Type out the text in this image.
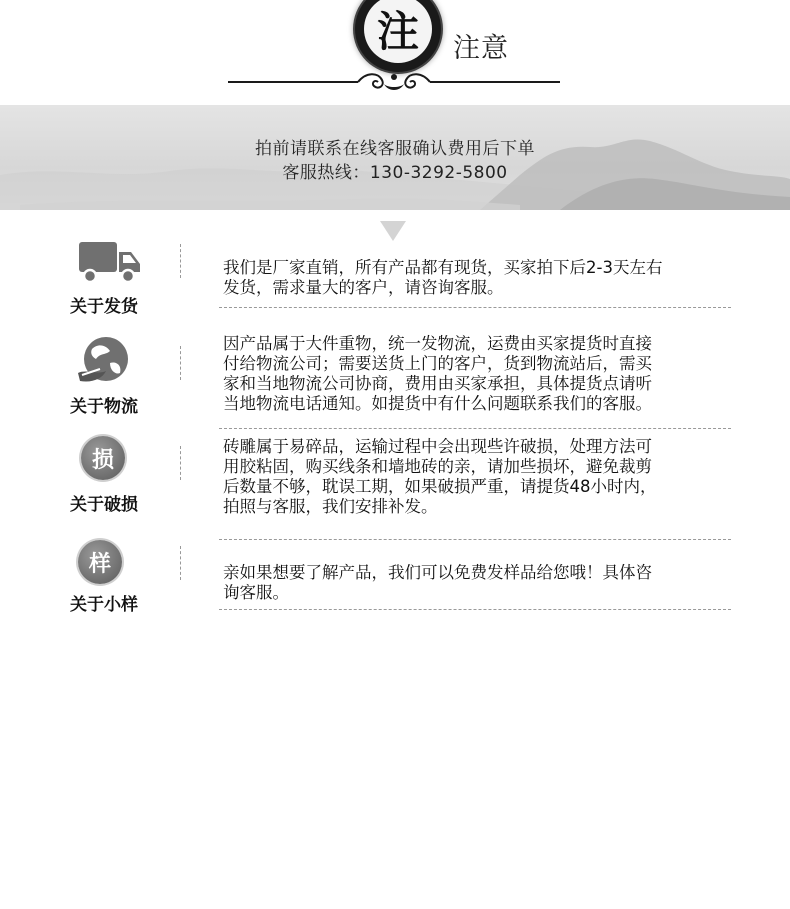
注	注意
拍前请联系在线客服确认费用后下单
客服热线：130-3292-5800
关于发货
我们是厂家直销，所有产品都有现货，买家拍下后2-3天左右
发货，需求量大的客户，请咨询客服。
关于物流
因产品属于大件重物，统一发物流，运费由买家提货时直接
付给物流公司；需要送货上门的客户，货到物流站后，需买
家和当地物流公司协商，费用由买家承担，具体提货点请听
当地物流电话通知。如提货中有什么问题联系我们的客服。
损
关于破损
砖雕属于易碎品，运输过程中会出现些许破损，处理方法可
用胶粘固，购买线条和墙地砖的亲，请加些损坏，避免裁剪
后数量不够，耽误工期，如果破损严重，请提货48小时内，
拍照与客服，我们安排补发。
样
关于小样
亲如果想要了解产品，我们可以免费发样品给您哦！具体咨
询客服。
